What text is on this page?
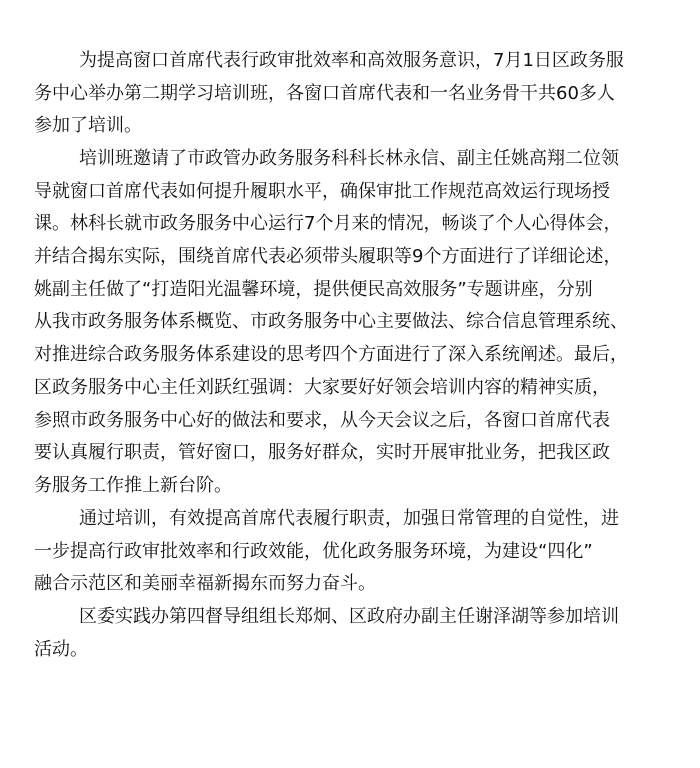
为提高窗口首席代表行政审批效率和高效服务意识，7月1日区政务服
务中心举办第二期学习培训班，各窗口首席代表和一名业务骨干共60多人
参加了培训。
培训班邀请了市政管办政务服务科科长林永信、副主任姚高翔二位领
导就窗口首席代表如何提升履职水平，确保审批工作规范高效运行现场授
课。林科长就市政务服务中心运行7个月来的情况，畅谈了个人心得体会，
并结合揭东实际，围绕首席代表必须带头履职等9个方面进行了详细论述，
姚副主任做了“打造阳光温馨环境，提供便民高效服务”专题讲座，分别
从我市政务服务体系概览、市政务服务中心主要做法、综合信息管理系统、
对推进综合政务服务体系建设的思考四个方面进行了深入系统阐述。最后，
区政务服务中心主任刘跃红强调：大家要好好领会培训内容的精神实质，
参照市政务服务中心好的做法和要求，从今天会议之后，各窗口首席代表
要认真履行职责，管好窗口，服务好群众，实时开展审批业务，把我区政
务服务工作推上新台阶。
通过培训，有效提高首席代表履行职责，加强日常管理的自觉性，进
一步提高行政审批效率和行政效能，优化政务服务环境，为建设“四化”
融合示范区和美丽幸福新揭东而努力奋斗。
区委实践办第四督导组组长郑炯、区政府办副主任谢泽湖等参加培训
活动。
